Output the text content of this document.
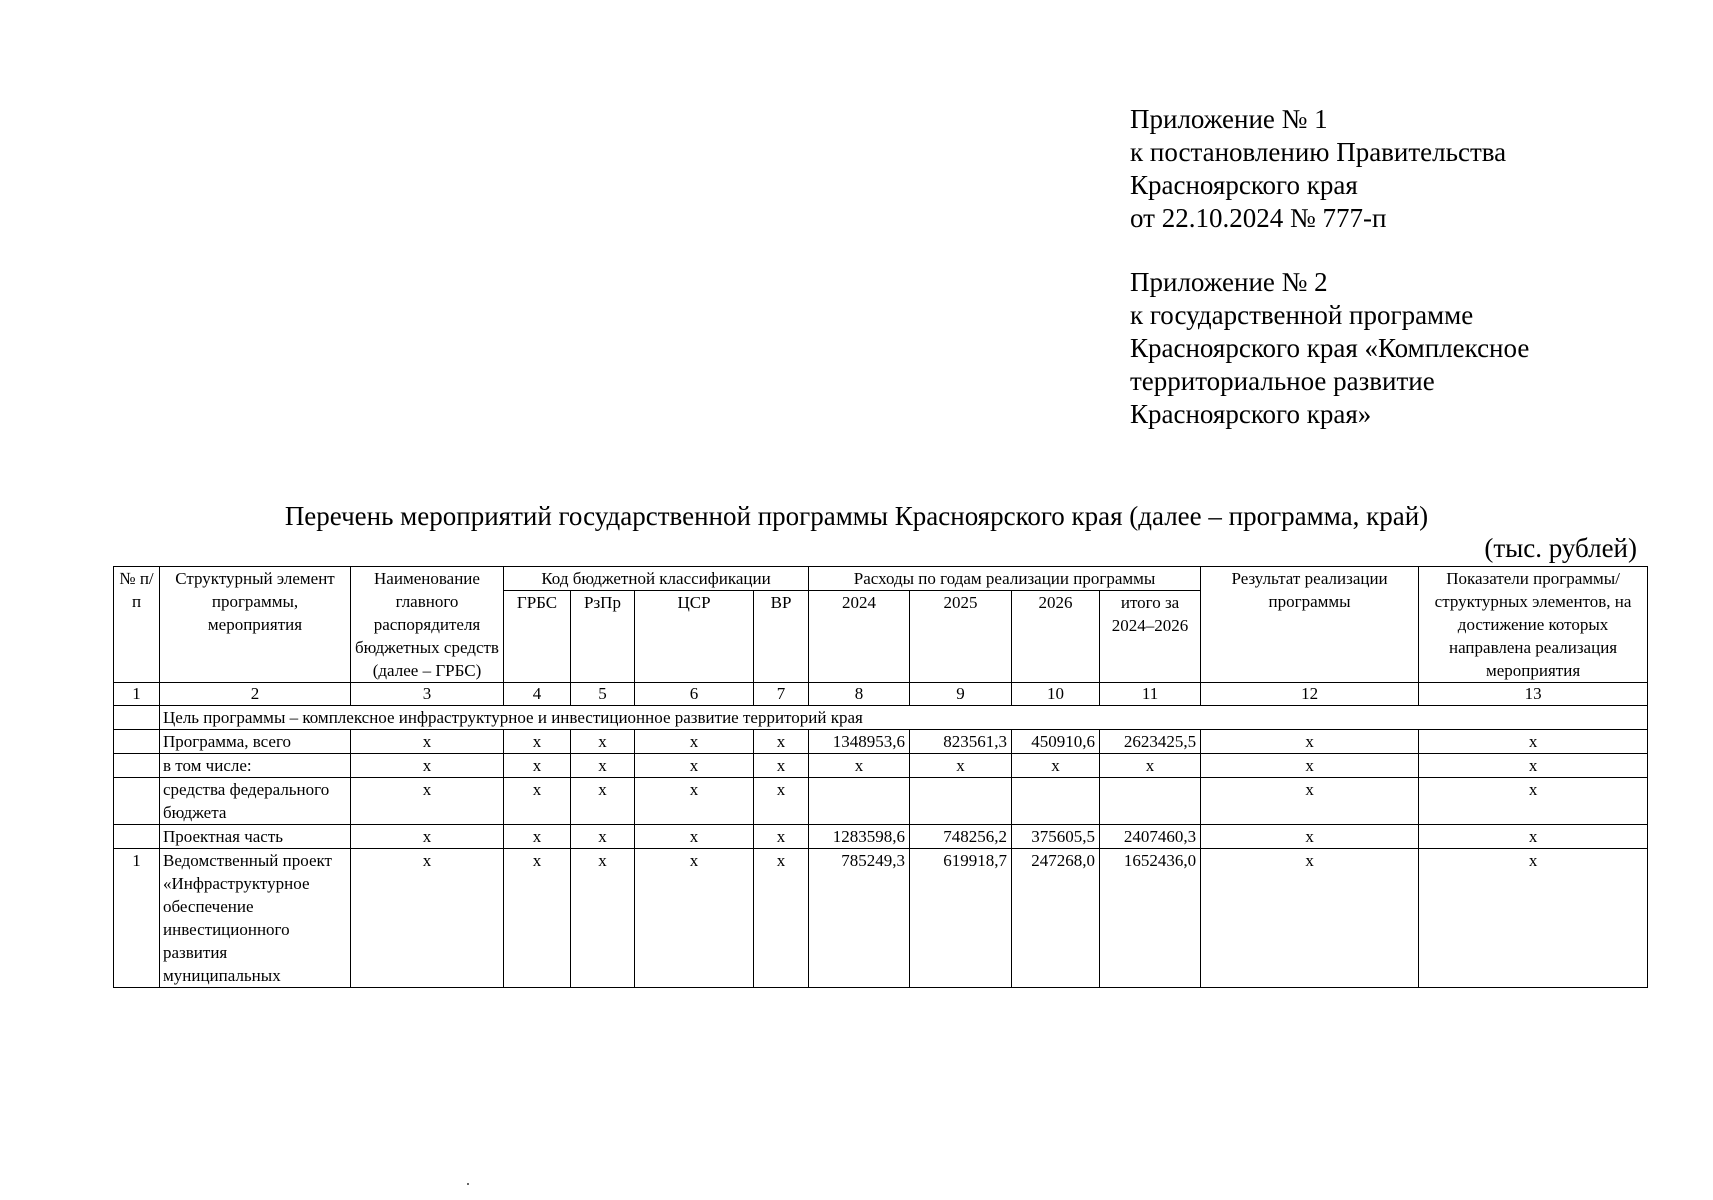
Приложение № 1
к постановлению Правительства
Красноярского края
от 22.10.2024 № 777-п
Приложение № 2
к государственной программе
Красноярского края «Комплексное
территориальное развитие
Красноярского края»
Перечень мероприятий государственной программы Красноярского края (далее – программа, край)
(тыс. рублей)
№ п/п	Структурный элемент программы, мероприятия	Наименование главного распорядителя бюджетных средств (далее – ГРБС)	Код бюджетной классификации				Расходы по годам реализации программы				Результат реализации программы	Показатели программы/ структурных элементов, на достижение которых направлена реализация мероприятия
			ГРБС	РзПр	ЦСР	ВР	2024	2025	2026	итого за 2024–2026		
1	2	3	4	5	6	7	8	9	10	11	12	13
	Цель программы – комплексное инфраструктурное и инвестиционное развитие территорий края											
	Программа, всего	х	х	х	х	х	1348953,6	823561,3	450910,6	2623425,5	х	х
	в том числе:	х	х	х	х	х	х	х	х	х	х	х
	средства федерального бюджета	х	х	х	х	х					х	х
	Проектная часть	х	х	х	х	х	1283598,6	748256,2	375605,5	2407460,3	х	х
1	Ведомственный проект «Инфраструктурное обеспечение инвестиционного развития муниципальных	х	х	х	х	х	785249,3	619918,7	247268,0	1652436,0	х	х
